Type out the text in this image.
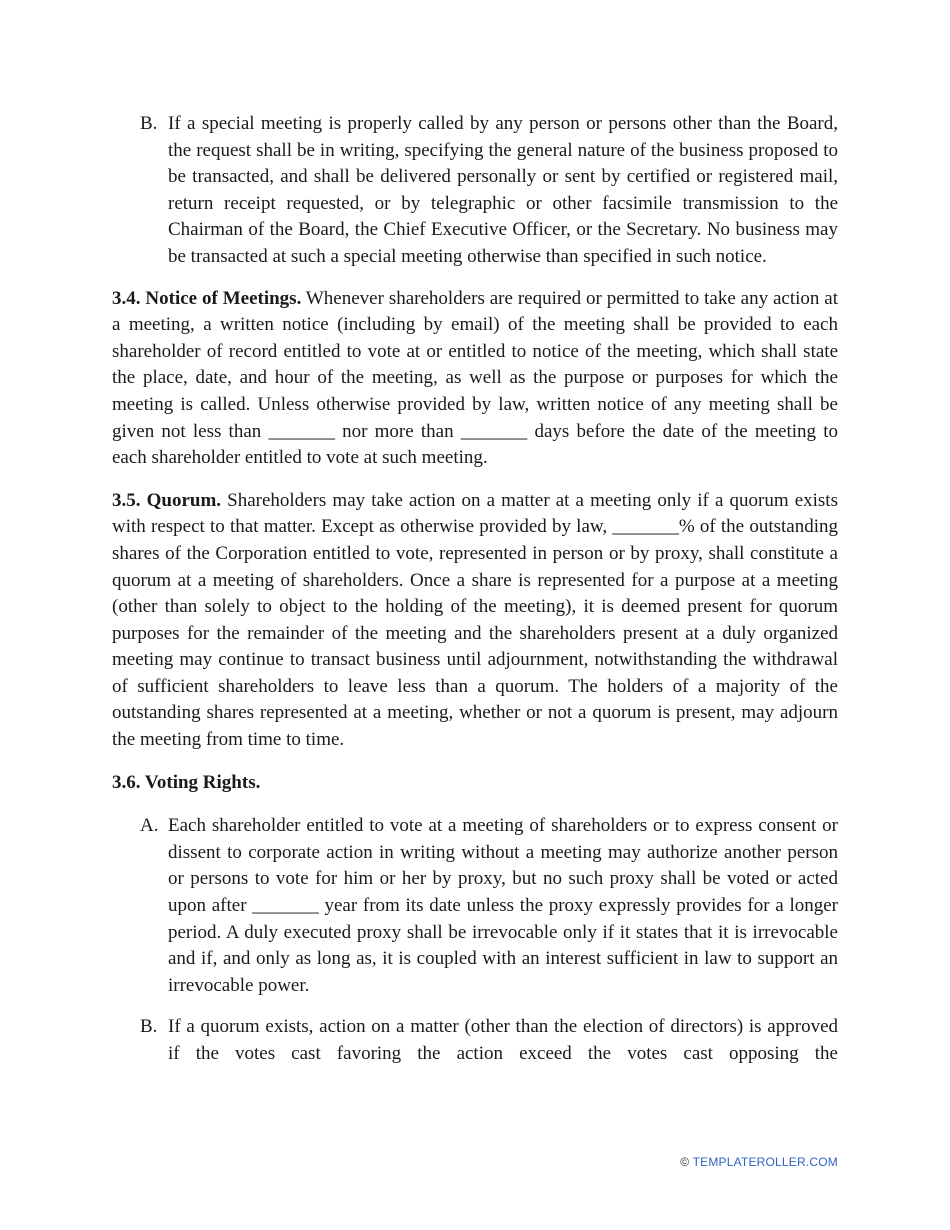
B. If a special meeting is properly called by any person or persons other than the Board, the request shall be in writing, specifying the general nature of the business proposed to be transacted, and shall be delivered personally or sent by certified or registered mail, return receipt requested, or by telegraphic or other facsimile transmission to the Chairman of the Board, the Chief Executive Officer, or the Secretary. No business may be transacted at such a special meeting otherwise than specified in such notice.

3.4. Notice of Meetings. Whenever shareholders are required or permitted to take any action at a meeting, a written notice (including by email) of the meeting shall be provided to each shareholder of record entitled to vote at or entitled to notice of the meeting, which shall state the place, date, and hour of the meeting, as well as the purpose or purposes for which the meeting is called. Unless otherwise provided by law, written notice of any meeting shall be given not less than _______ nor more than _______ days before the date of the meeting to each shareholder entitled to vote at such meeting.

3.5. Quorum. Shareholders may take action on a matter at a meeting only if a quorum exists with respect to that matter. Except as otherwise provided by law, _______% of the outstanding shares of the Corporation entitled to vote, represented in person or by proxy, shall constitute a quorum at a meeting of shareholders. Once a share is represented for a purpose at a meeting (other than solely to object to the holding of the meeting), it is deemed present for quorum purposes for the remainder of the meeting and the shareholders present at a duly organized meeting may continue to transact business until adjournment, notwithstanding the withdrawal of sufficient shareholders to leave less than a quorum. The holders of a majority of the outstanding shares represented at a meeting, whether or not a quorum is present, may adjourn the meeting from time to time.

3.6. Voting Rights.

A. Each shareholder entitled to vote at a meeting of shareholders or to express consent or dissent to corporate action in writing without a meeting may authorize another person or persons to vote for him or her by proxy, but no such proxy shall be voted or acted upon after _______ year from its date unless the proxy expressly provides for a longer period. A duly executed proxy shall be irrevocable only if it states that it is irrevocable and if, and only as long as, it is coupled with an interest sufficient in law to support an irrevocable power.

B. If a quorum exists, action on a matter (other than the election of directors) is approved if the votes cast favoring the action exceed the votes cast opposing the

© TEMPLATEROLLER.COM
